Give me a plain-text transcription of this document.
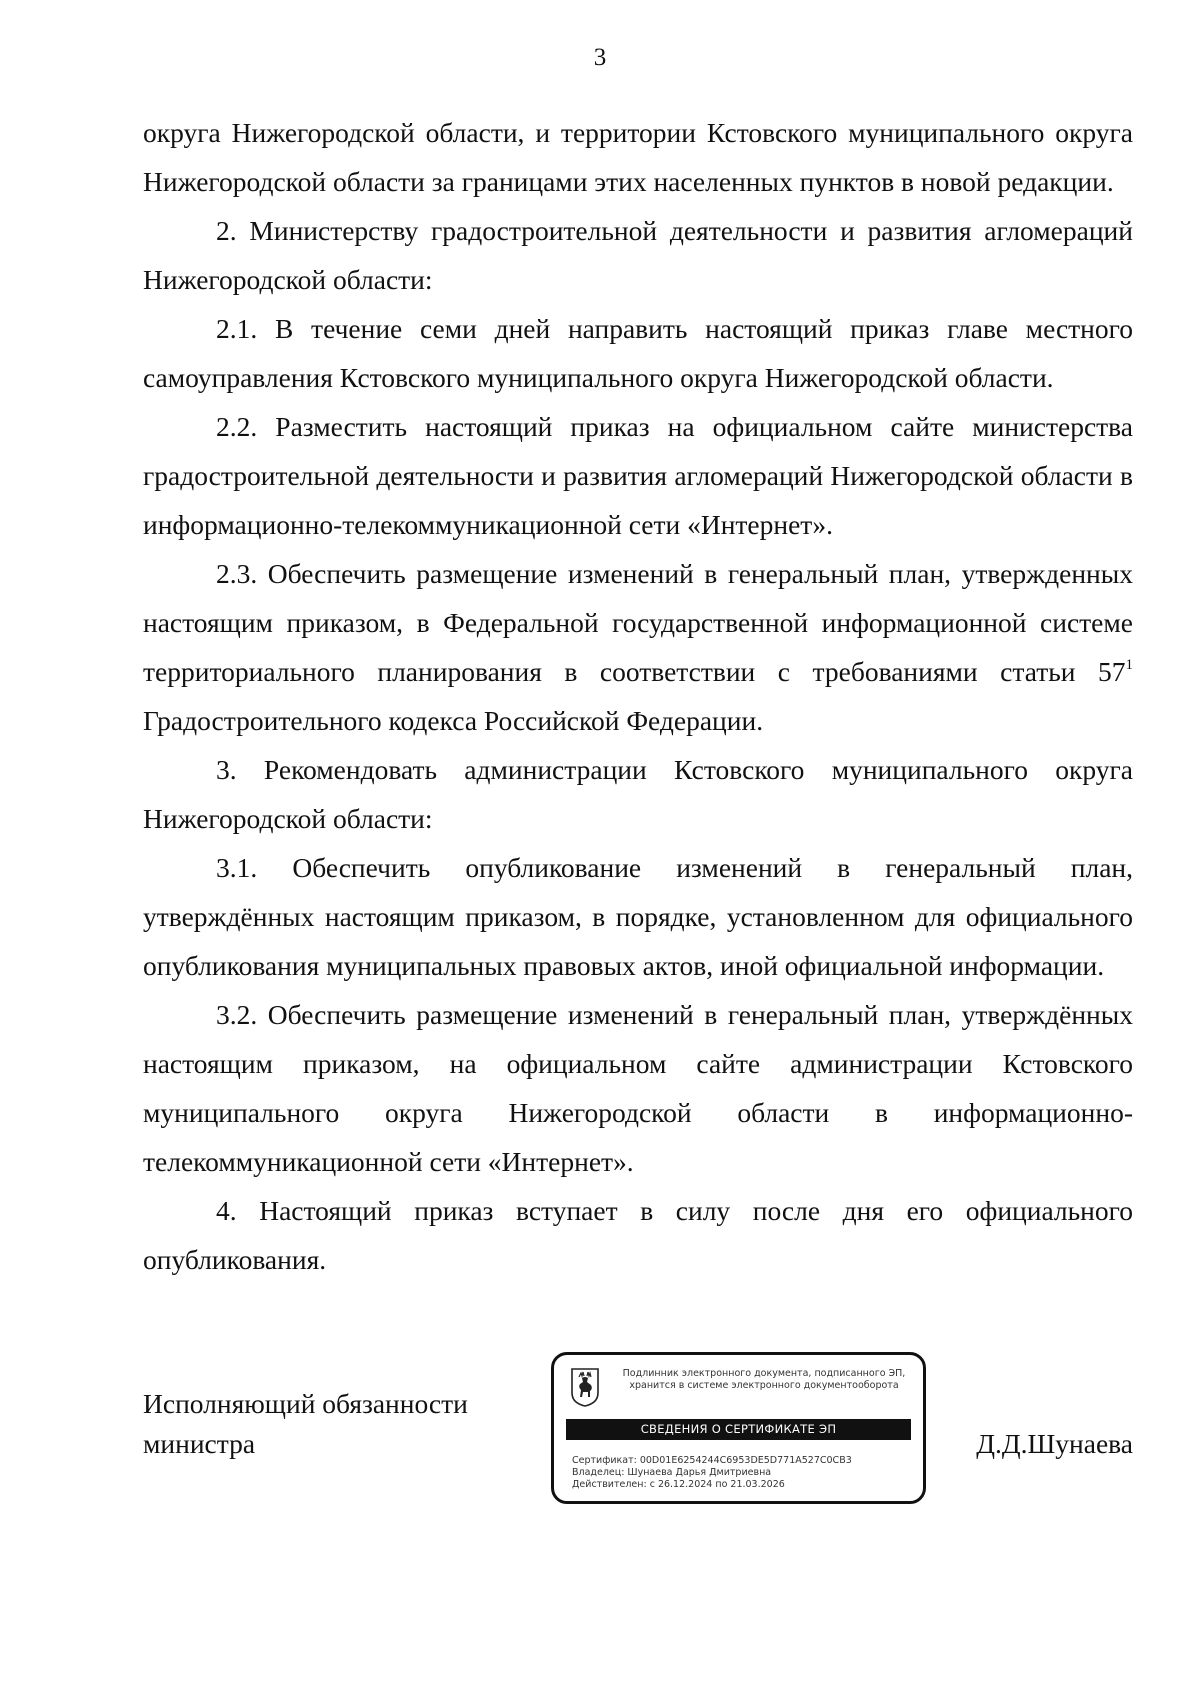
3

округа Нижегородской области, и территории Кстовского муниципального округа Нижегородской области за границами этих населенных пунктов в новой редакции.

2. Министерству градостроительной деятельности и развития агломераций Нижегородской области:

2.1. В течение семи дней направить настоящий приказ главе местного самоуправления Кстовского муниципального округа Нижегородской области.

2.2. Разместить настоящий приказ на официальном сайте министерства градостроительной деятельности и развития агломераций Нижегородской области в информационно-телекоммуникационной сети «Интернет».

2.3. Обеспечить размещение изменений в генеральный план, утвержденных настоящим приказом, в Федеральной государственной информационной системе территориального планирования в соответствии с требованиями статьи $57^1$ Градостроительного кодекса Российской Федерации.

3. Рекомендовать администрации Кстовского муниципального округа Нижегородской области:

3.1. Обеспечить опубликование изменений в генеральный план, утверждённых настоящим приказом, в порядке, установленном для официального опубликования муниципальных правовых актов, иной официальной информации.

3.2. Обеспечить размещение изменений в генеральный план, утверждённых настоящим приказом, на официальном сайте администрации Кстовского муниципального округа Нижегородской области в информационно-телекоммуникационной сети «Интернет».

4. Настоящий приказ вступает в силу после дня его официального опубликования.

Исполняющий обязанности
министра
Подлинник электронного документа, подписанного ЭП,
хранится в системе электронного документооборота
СВЕДЕНИЯ О СЕРТИФИКАТЕ ЭП
Сертификат: 00D01E6254244C6953DE5D771A527C0CB3
Владелец: Шунаева Дарья Дмитриевна
Действителен: с 26.12.2024 по 21.03.2026
Д.Д.Шунаева
